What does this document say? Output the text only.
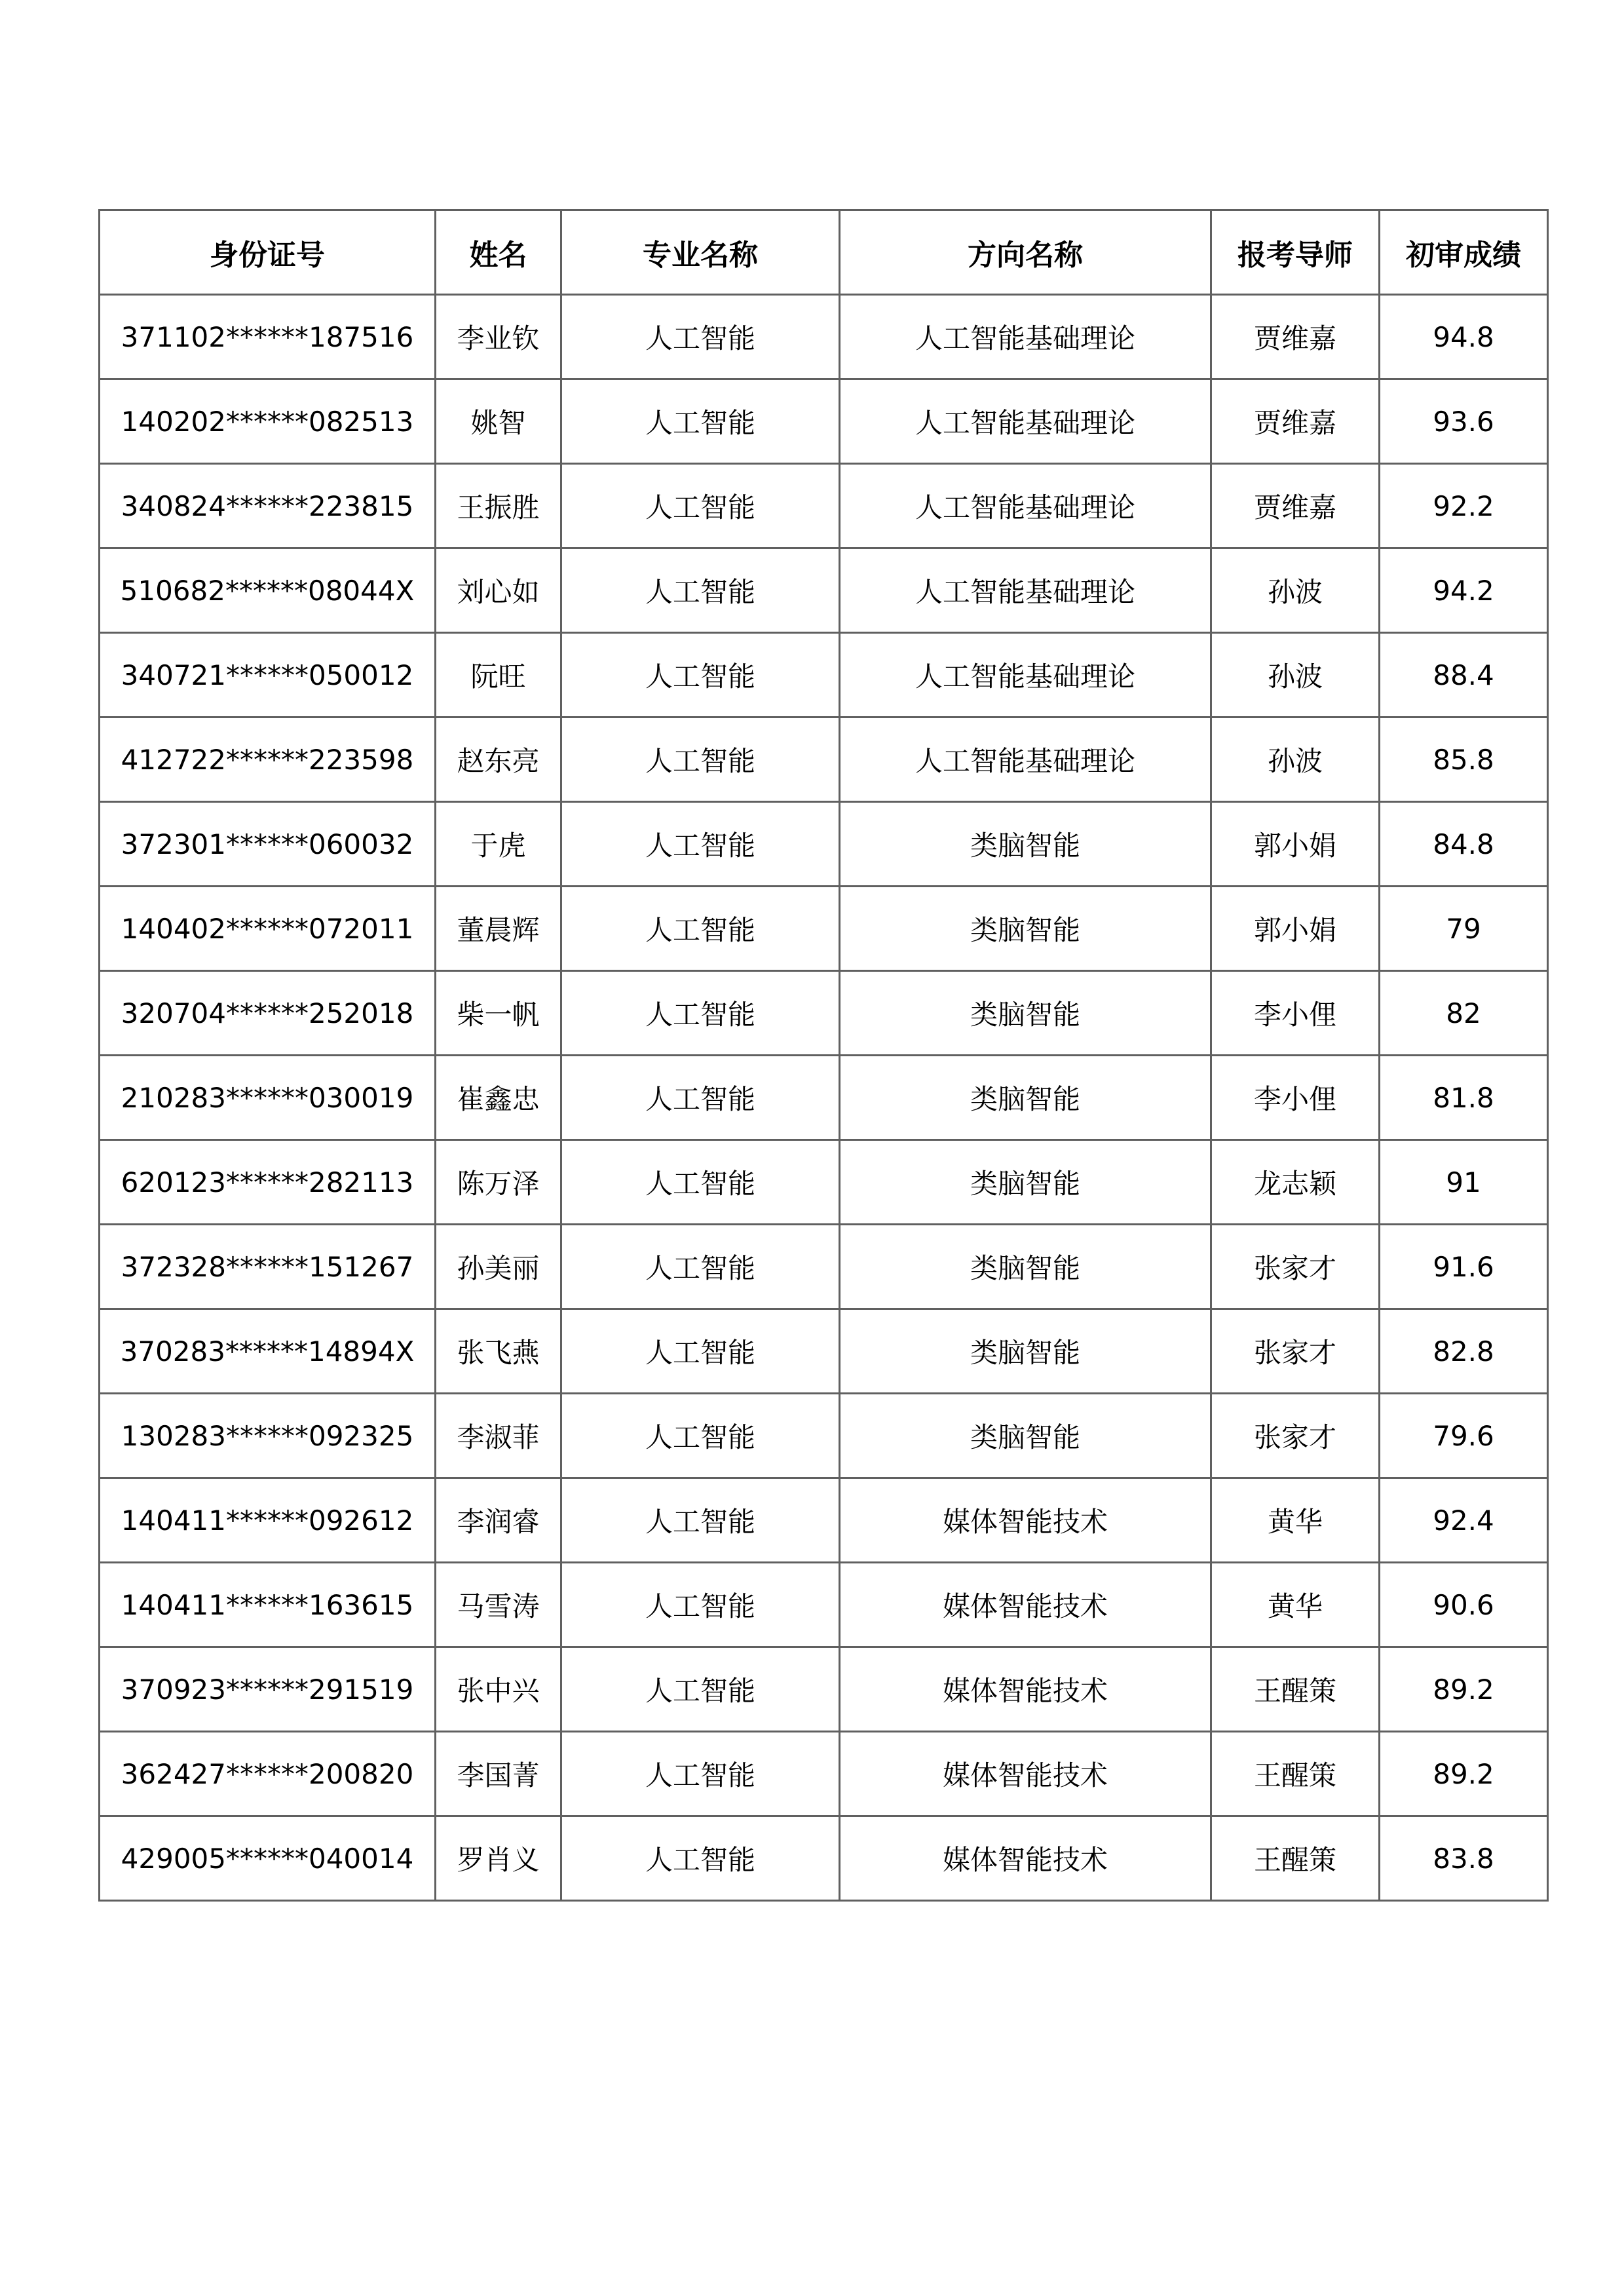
身份证号	姓名	专业名称	方向名称	报考导师	初审成绩
371102******187516	李业钦	人工智能	人工智能基础理论	贾维嘉	94.8
140202******082513	姚智	人工智能	人工智能基础理论	贾维嘉	93.6
340824******223815	王振胜	人工智能	人工智能基础理论	贾维嘉	92.2
510682******08044X	刘心如	人工智能	人工智能基础理论	孙波	94.2
340721******050012	阮旺	人工智能	人工智能基础理论	孙波	88.4
412722******223598	赵东亮	人工智能	人工智能基础理论	孙波	85.8
372301******060032	于虎	人工智能	类脑智能	郭小娟	84.8
140402******072011	董晨辉	人工智能	类脑智能	郭小娟	79
320704******252018	柴一帆	人工智能	类脑智能	李小俚	82
210283******030019	崔鑫忠	人工智能	类脑智能	李小俚	81.8
620123******282113	陈万泽	人工智能	类脑智能	龙志颖	91
372328******151267	孙美丽	人工智能	类脑智能	张家才	91.6
370283******14894X	张飞燕	人工智能	类脑智能	张家才	82.8
130283******092325	李淑菲	人工智能	类脑智能	张家才	79.6
140411******092612	李润睿	人工智能	媒体智能技术	黄华	92.4
140411******163615	马雪涛	人工智能	媒体智能技术	黄华	90.6
370923******291519	张中兴	人工智能	媒体智能技术	王醒策	89.2
362427******200820	李国菁	人工智能	媒体智能技术	王醒策	89.2
429005******040014	罗肖义	人工智能	媒体智能技术	王醒策	83.8
